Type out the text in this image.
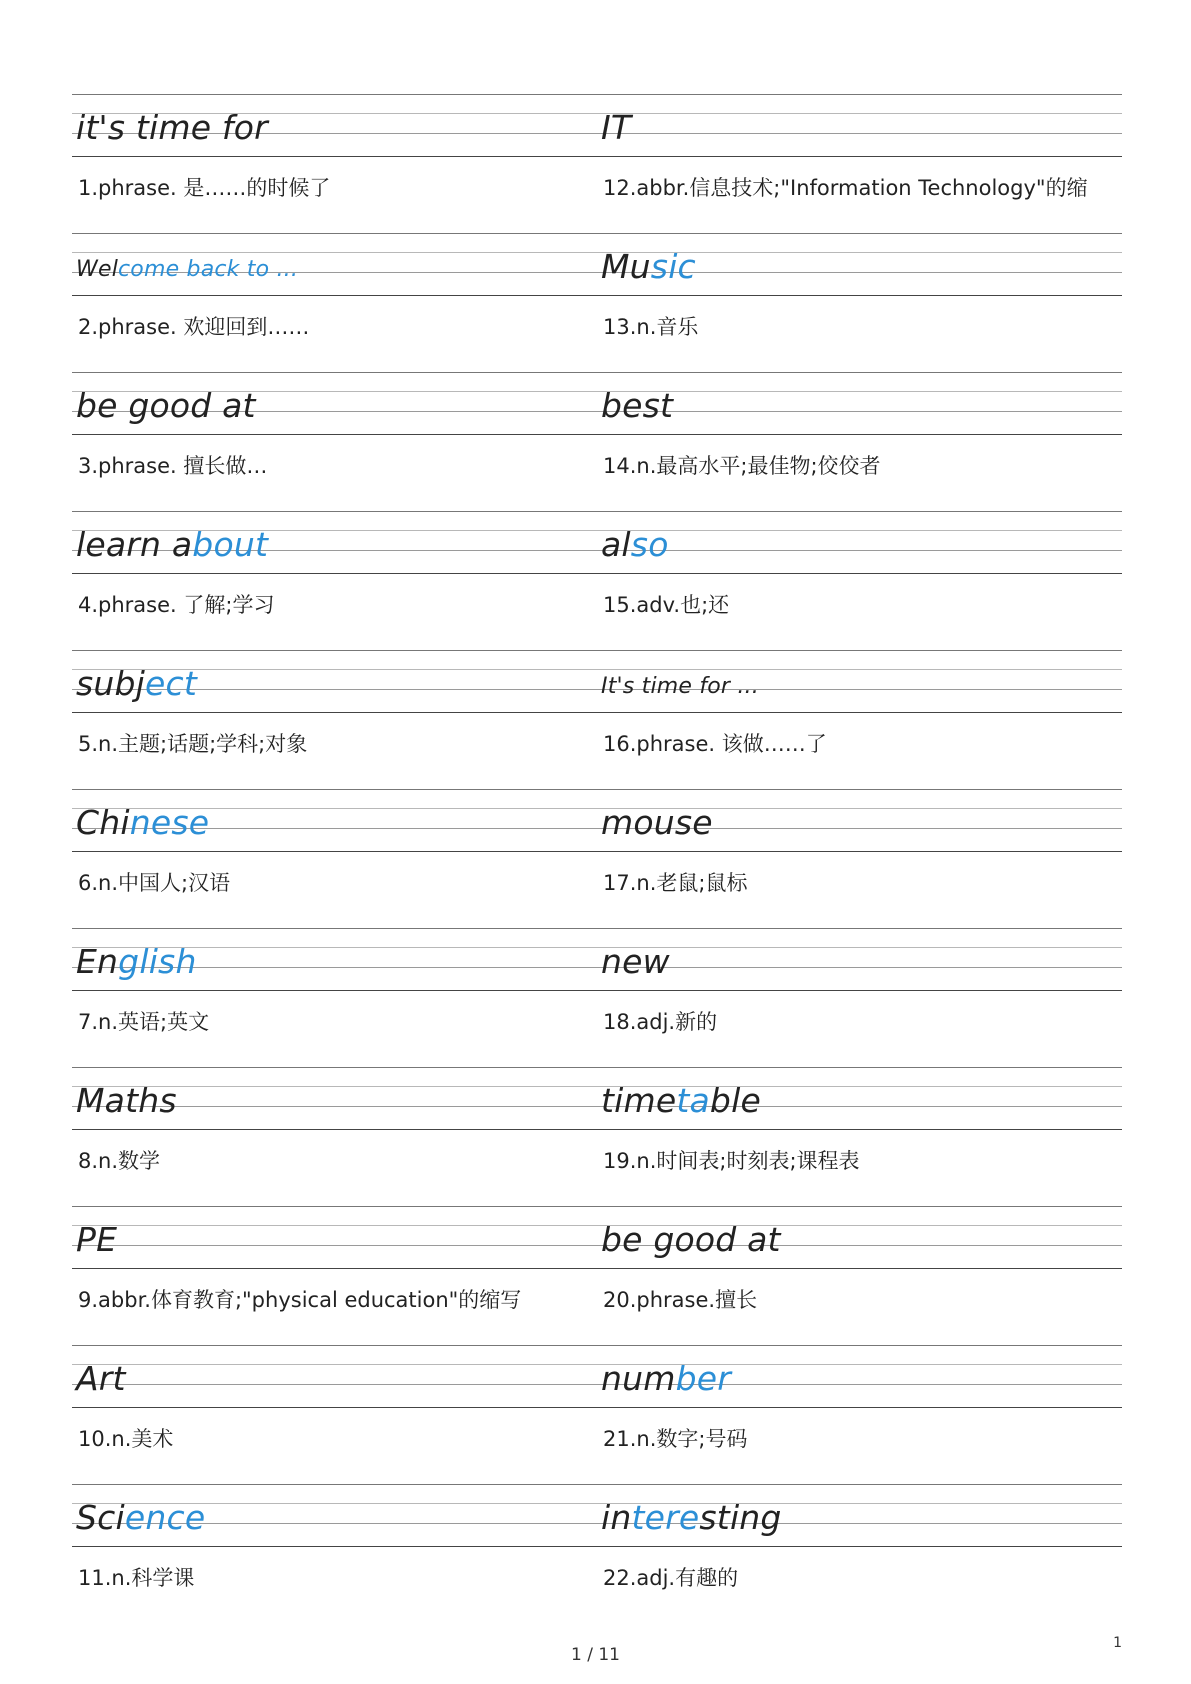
it's time for	IT
1.phrase. 是……的时候了	12.abbr.信息技术;"Information Technology"的缩
Welcome back to ...	Music
2.phrase. 欢迎回到……	13.n.音乐
be good at	best
3.phrase. 擅长做…	14.n.最高水平;最佳物;佼佼者
learn about	also
4.phrase. 了解;学习	15.adv.也;还
subject	It's time for ...
5.n.主题;话题;学科;对象	16.phrase. 该做……了
Chinese	mouse
6.n.中国人;汉语	17.n.老鼠;鼠标
English	new
7.n.英语;英文	18.adj.新的
Maths	timetable
8.n.数学	19.n.时间表;时刻表;课程表
PE	be good at
9.abbr.体育教育;"physical education"的缩写	20.phrase.擅长
Art	number
10.n.美术	21.n.数字;号码
Science	interesting
11.n.科学课	22.adj.有趣的
1 / 11
1
